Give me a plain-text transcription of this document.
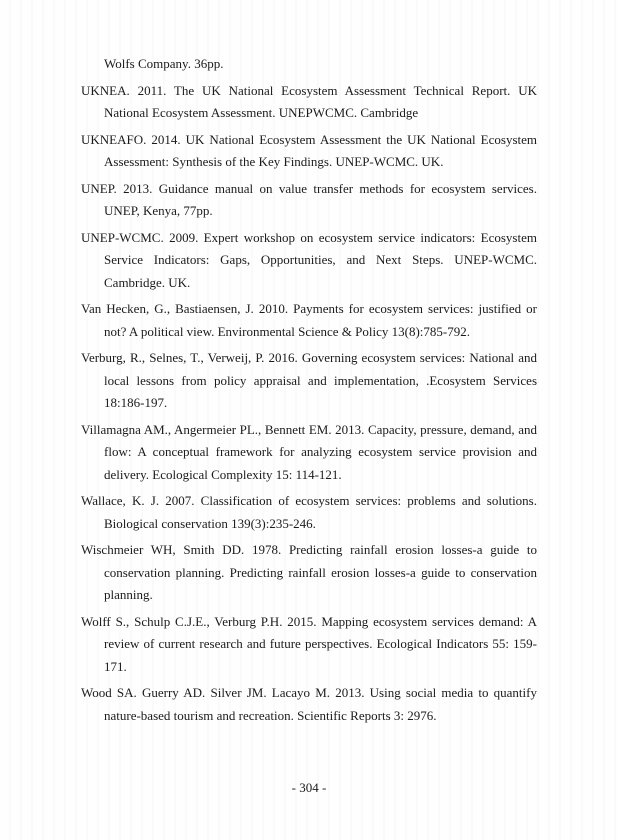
Wolfs Company. 36pp.

UKNEA. 2011. The UK National Ecosystem Assessment Technical Report. UK National Ecosystem Assessment. UNEPWCMC. Cambridge

UKNEAFO. 2014. UK National Ecosystem Assessment the UK National Ecosystem Assessment: Synthesis of the Key Findings. UNEP-WCMC. UK.

UNEP. 2013. Guidance manual on value transfer methods for ecosystem services. UNEP, Kenya, 77pp.

UNEP-WCMC. 2009. Expert workshop on ecosystem service indicators: Ecosystem Service Indicators: Gaps, Opportunities, and Next Steps. UNEP-WCMC. Cambridge. UK.

Van Hecken, G., Bastiaensen, J. 2010. Payments for ecosystem services: justified or not? A political view. Environmental Science & Policy 13(8):785-792.

Verburg, R., Selnes, T., Verweij, P. 2016. Governing ecosystem services: National and local lessons from policy appraisal and implementation, .Ecosystem Services 18:186-197.

Villamagna AM., Angermeier PL., Bennett EM. 2013. Capacity, pressure, demand, and flow: A conceptual framework for analyzing ecosystem service provision and delivery. Ecological Complexity 15: 114-121.

Wallace, K. J. 2007. Classification of ecosystem services: problems and solutions. Biological conservation 139(3):235-246.

Wischmeier WH, Smith DD. 1978. Predicting rainfall erosion losses-a guide to conservation planning. Predicting rainfall erosion losses-a guide to conservation planning.

Wolff S., Schulp C.J.E., Verburg P.H. 2015. Mapping ecosystem services demand: A review of current research and future perspectives. Ecological Indicators 55: 159-171.

Wood SA. Guerry AD. Silver JM. Lacayo M. 2013. Using social media to quantify nature-based tourism and recreation. Scientific Reports 3: 2976.

- 304 -
